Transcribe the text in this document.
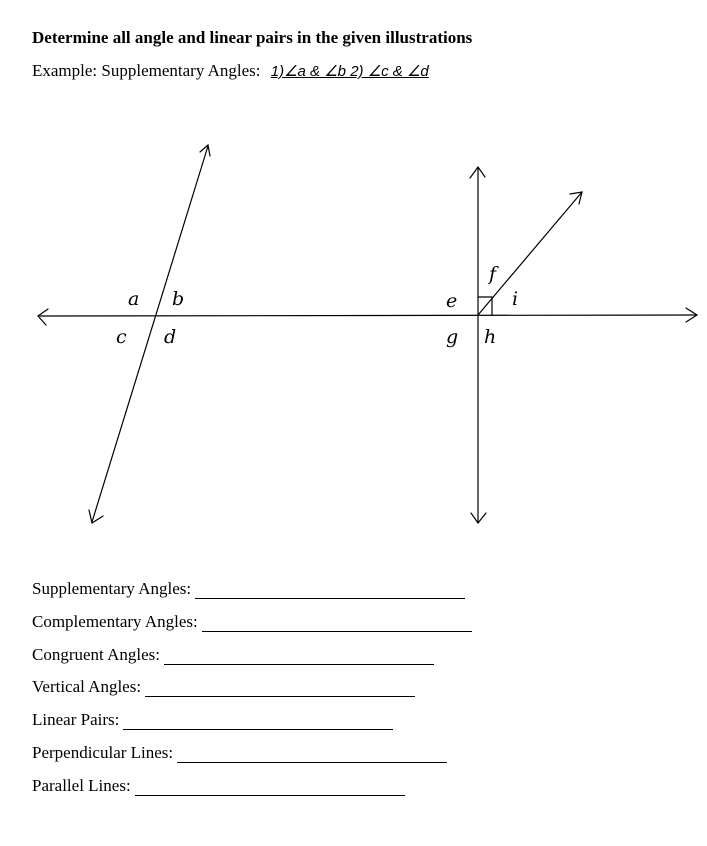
Determine all angle and linear pairs in the given illustrations
Example: Supplementary Angles: 1)∠a & ∠b 2) ∠c & ∠d
a b
c d
e
f
i
g h
Supplementary Angles:
Complementary Angles:
Congruent Angles:
Vertical Angles:
Linear Pairs:
Perpendicular Lines:
Parallel Lines:
